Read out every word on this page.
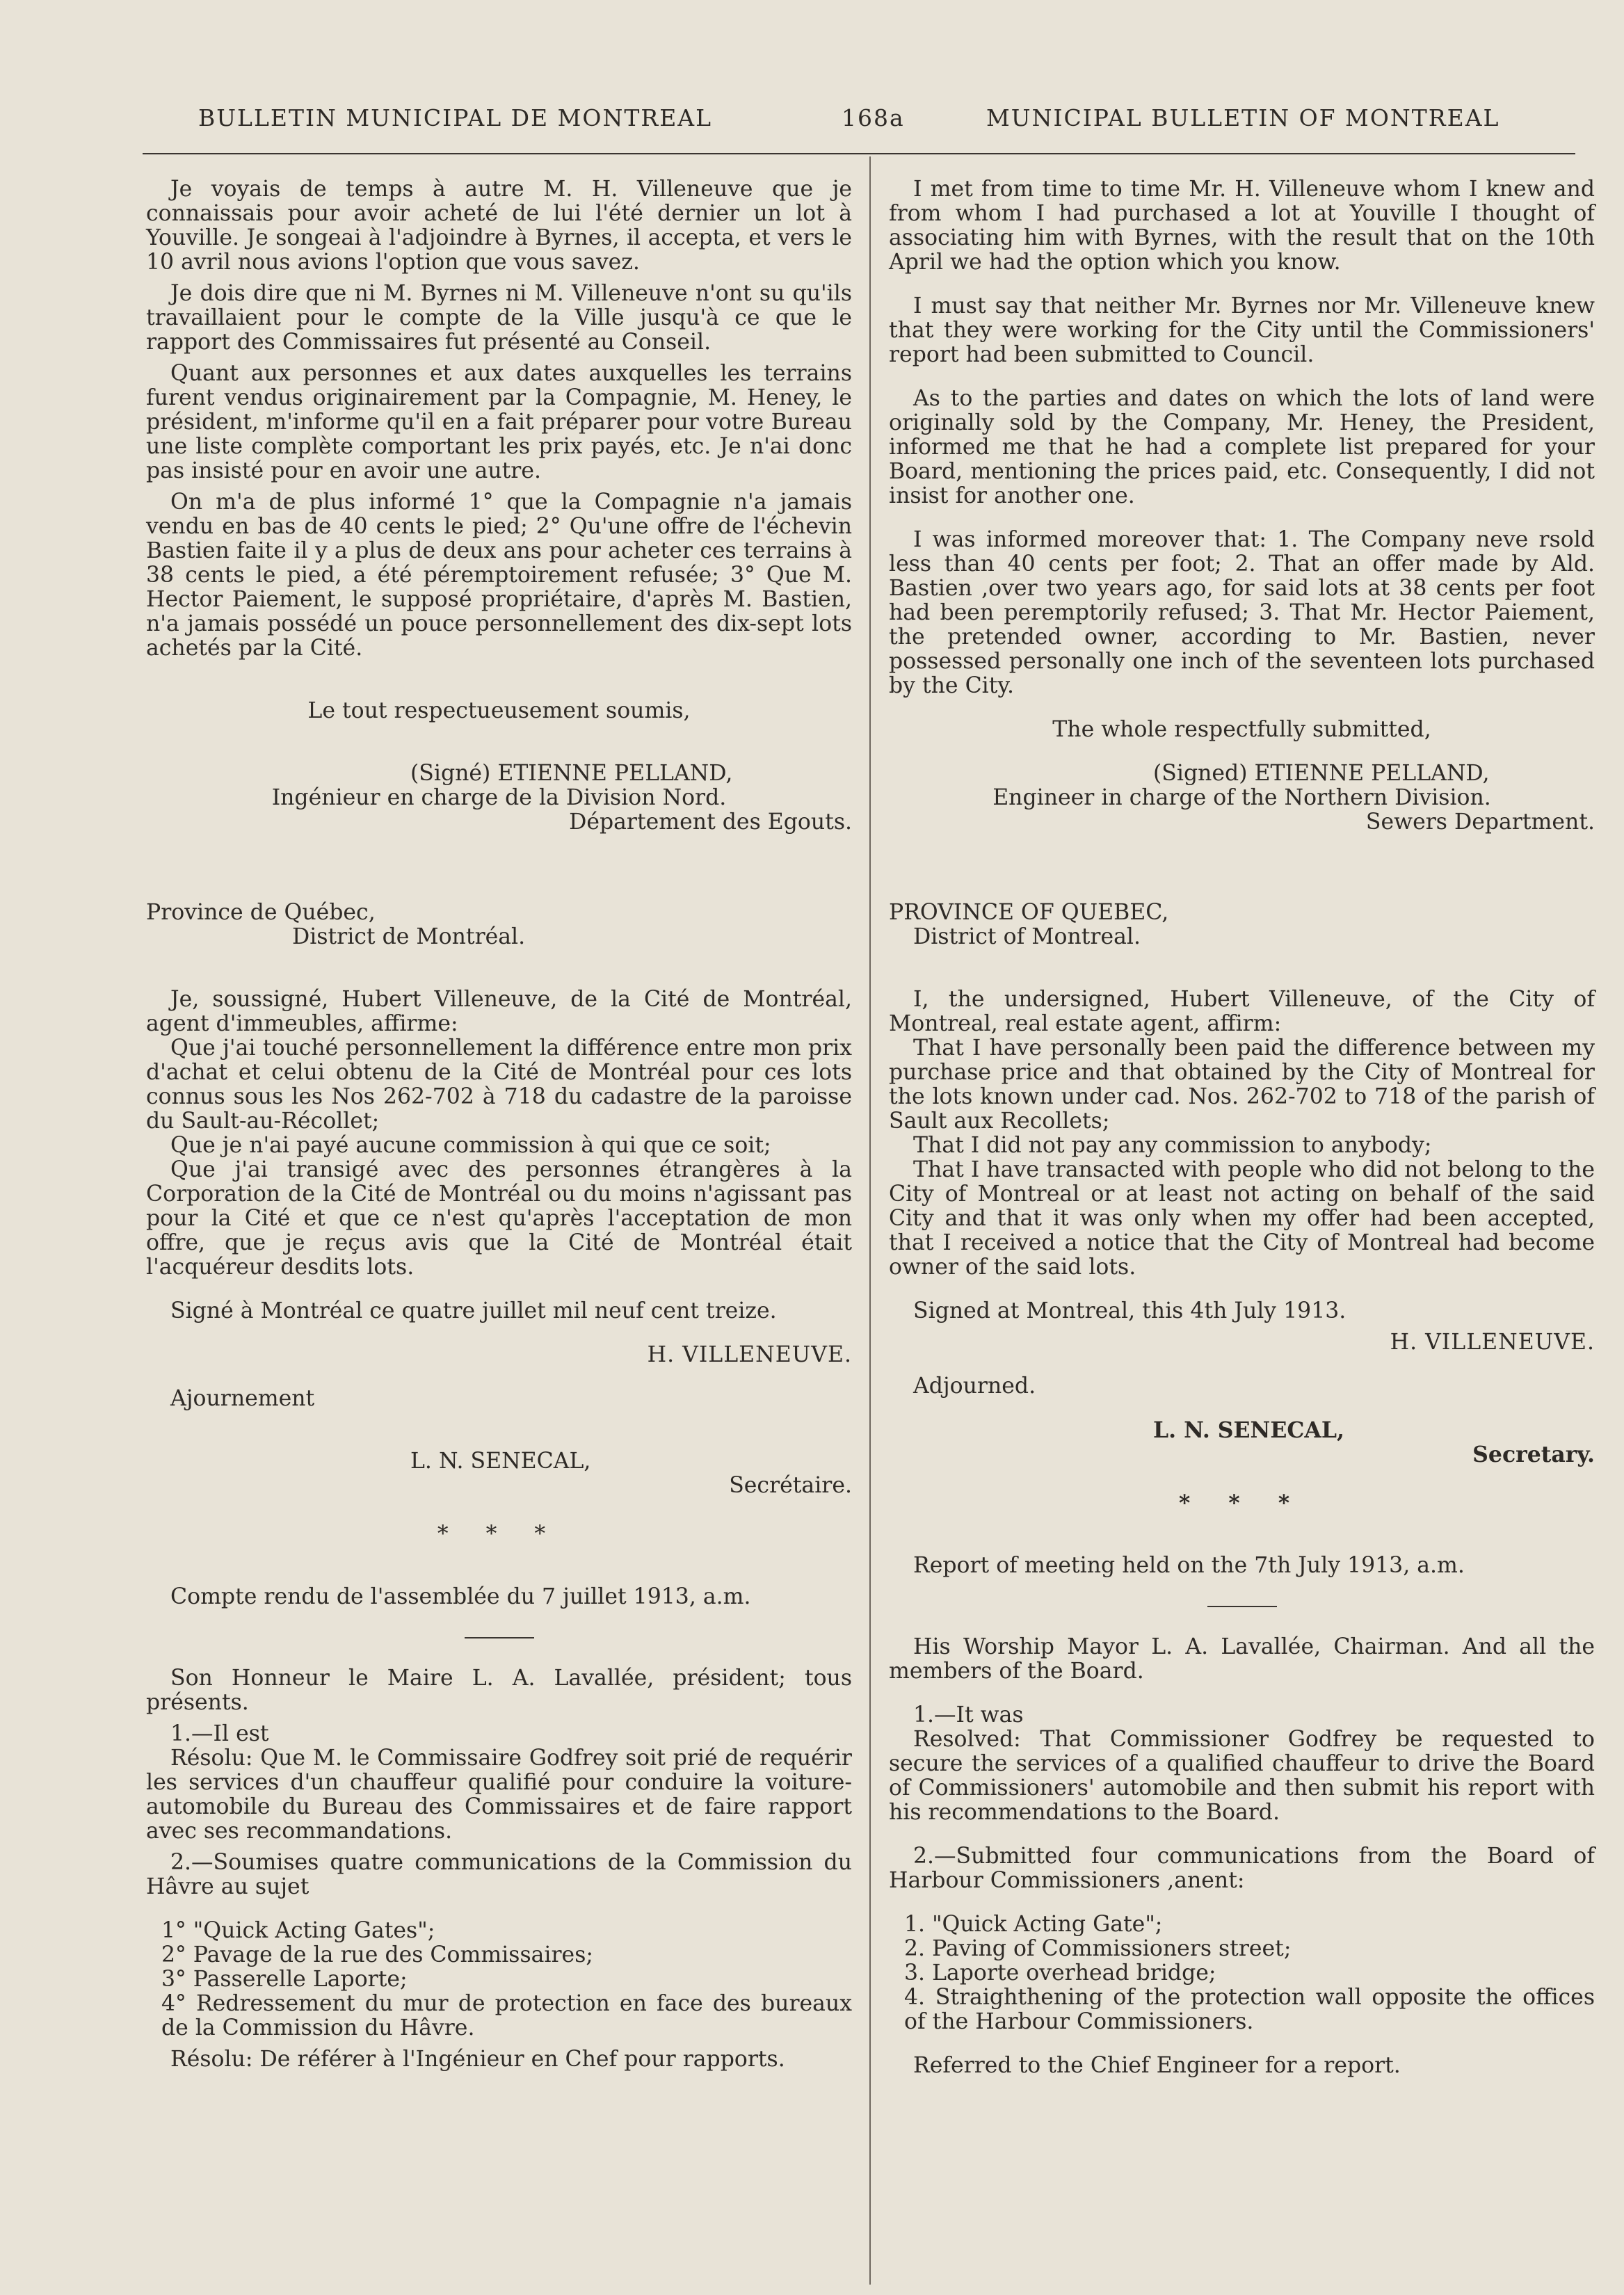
BULLETIN MUNICIPAL DE MONTREAL	168a	MUNICIPAL BULLETIN OF MONTREAL

Je voyais de temps à autre M. H. Villeneuve que je connaissais pour avoir acheté de lui l'été dernier un lot à Youville. Je songeai à l'adjoindre à Byrnes, il accepta, et vers le 10 avril nous avions l'option que vous savez.

Je dois dire que ni M. Byrnes ni M. Villeneuve n'ont su qu'ils travaillaient pour le compte de la Ville jusqu'à ce que le rapport des Commissaires fut présenté au Conseil.

Quant aux personnes et aux dates auxquelles les terrains furent vendus originairement par la Compagnie, M. Heney, le président, m'informe qu'il en a fait préparer pour votre Bureau une liste complète comportant les prix payés, etc. Je n'ai donc pas insisté pour en avoir une autre.

On m'a de plus informé 1° que la Compagnie n'a jamais vendu en bas de 40 cents le pied; 2° Qu'une offre de l'échevin Bastien faite il y a plus de deux ans pour acheter ces terrains à 38 cents le pied, a été péremptoirement refusée; 3° Que M. Hector Paiement, le supposé propriétaire, d'après M. Bastien, n'a jamais possédé un pouce personnellement des dix-sept lots achetés par la Cité.

Le tout respectueusement soumis,

(Signé) ETIENNE PELLAND,

Ingénieur en charge de la Division Nord.

Département des Egouts.

Province de Québec,

District de Montréal.

Je, soussigné, Hubert Villeneuve, de la Cité de Montréal, agent d'immeubles, affirme:

Que j'ai touché personnellement la différence entre mon prix d'achat et celui obtenu de la Cité de Montréal pour ces lots connus sous les Nos 262-702 à 718 du cadastre de la paroisse du Sault-au-Récollet;

Que je n'ai payé aucune commission à qui que ce soit;

Que j'ai transigé avec des personnes étrangères à la Corporation de la Cité de Montréal ou du moins n'agissant pas pour la Cité et que ce n'est qu'après l'acceptation de mon offre, que je reçus avis que la Cité de Montréal était l'acquéreur desdits lots.

Signé à Montréal ce quatre juillet mil neuf cent treize.

H. VILLENEUVE.

Ajournement

L. N. SENECAL,

Secrétaire.

* * *

Compte rendu de l'assemblée du 7 juillet 1913, a.m.

Son Honneur le Maire L. A. Lavallée, président; tous présents.

1.—Il est

Résolu: Que M. le Commissaire Godfrey soit prié de requérir les services d'un chauffeur qualifié pour conduire la voiture-automobile du Bureau des Commissaires et de faire rapport avec ses recommandations.

2.—Soumises quatre communications de la Commission du Hâvre au sujet

1° "Quick Acting Gates";

2° Pavage de la rue des Commissaires;

3° Passerelle Laporte;

4° Redressement du mur de protection en face des bureaux de la Commission du Hâvre.

Résolu: De référer à l'Ingénieur en Chef pour rapports.

I met from time to time Mr. H. Villeneuve whom I knew and from whom I had purchased a lot at Youville I thought of associating him with Byrnes, with the result that on the 10th April we had the option which you know.

I must say that neither Mr. Byrnes nor Mr. Villeneuve knew that they were working for the City until the Commissioners' report had been submitted to Council.

As to the parties and dates on which the lots of land were originally sold by the Company, Mr. Heney, the President, informed me that he had a complete list prepared for your Board, mentioning the prices paid, etc. Consequently, I did not insist for another one.

I was informed moreover that: 1. The Company neve rsold less than 40 cents per foot; 2. That an offer made by Ald. Bastien ,over two years ago, for said lots at 38 cents per foot had been peremptorily refused; 3. That Mr. Hector Paiement, the pretended owner, according to Mr. Bastien, never possessed personally one inch of the seventeen lots purchased by the City.

The whole respectfully submitted,

(Signed) ETIENNE PELLAND,

Engineer in charge of the Northern Division.

Sewers Department.

PROVINCE OF QUEBEC,

District of Montreal.

I, the undersigned, Hubert Villeneuve, of the City of Montreal, real estate agent, affirm:

That I have personally been paid the difference between my purchase price and that obtained by the City of Montreal for the lots known under cad. Nos. 262-702 to 718 of the parish of Sault aux Recollets;

That I did not pay any commission to anybody;

That I have transacted with people who did not belong to the City of Montreal or at least not acting on behalf of the said City and that it was only when my offer had been accepted, that I received a notice that the City of Montreal had become owner of the said lots.

Signed at Montreal, this 4th July 1913.

H. VILLENEUVE.

Adjourned.

L. N. SENECAL,

Secretary.

* * *

Report of meeting held on the 7th July 1913, a.m.

His Worship Mayor L. A. Lavallée, Chairman. And all the members of the Board.

1.—It was

Resolved: That Commissioner Godfrey be requested to secure the services of a qualified chauffeur to drive the Board of Commissioners' automobile and then submit his report with his recommendations to the Board.

2.—Submitted four communications from the Board of Harbour Commissioners ,anent:

1. "Quick Acting Gate";

2. Paving of Commissioners street;

3. Laporte overhead bridge;

4. Straighthening of the protection wall opposite the offices of the Harbour Commissioners.

Referred to the Chief Engineer for a report.
